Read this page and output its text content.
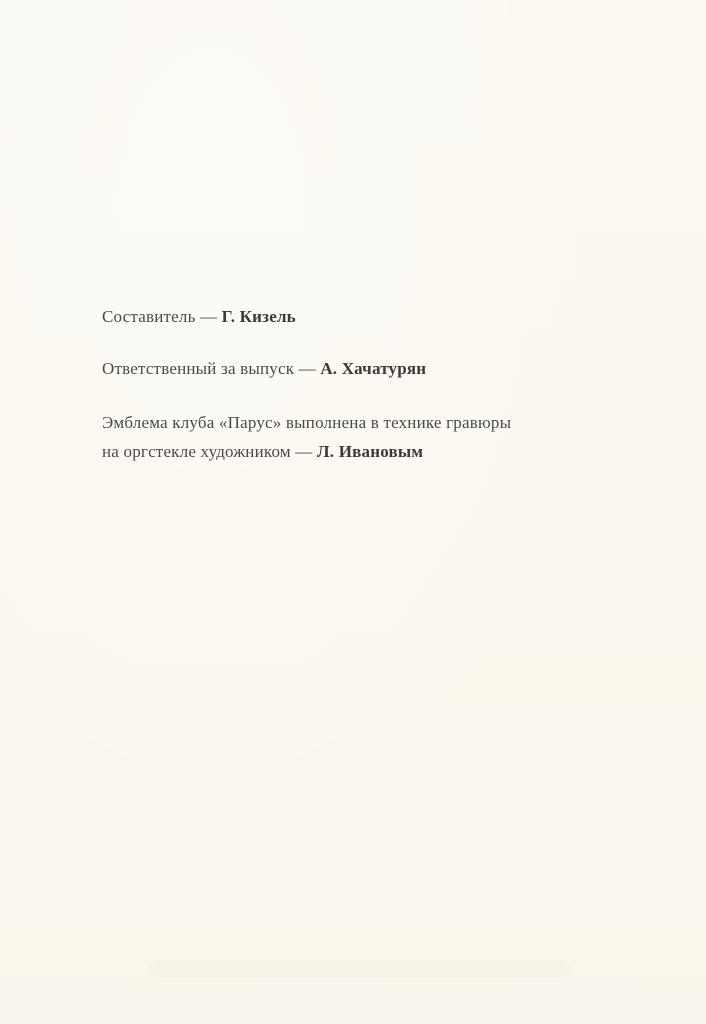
Составитель — Г. Кизель
Ответственный за выпуск — А. Хачатурян
Эмблема клуба «Парус» выполнена в технике гравюры
на оргстекле художником — Л. Ивановым
